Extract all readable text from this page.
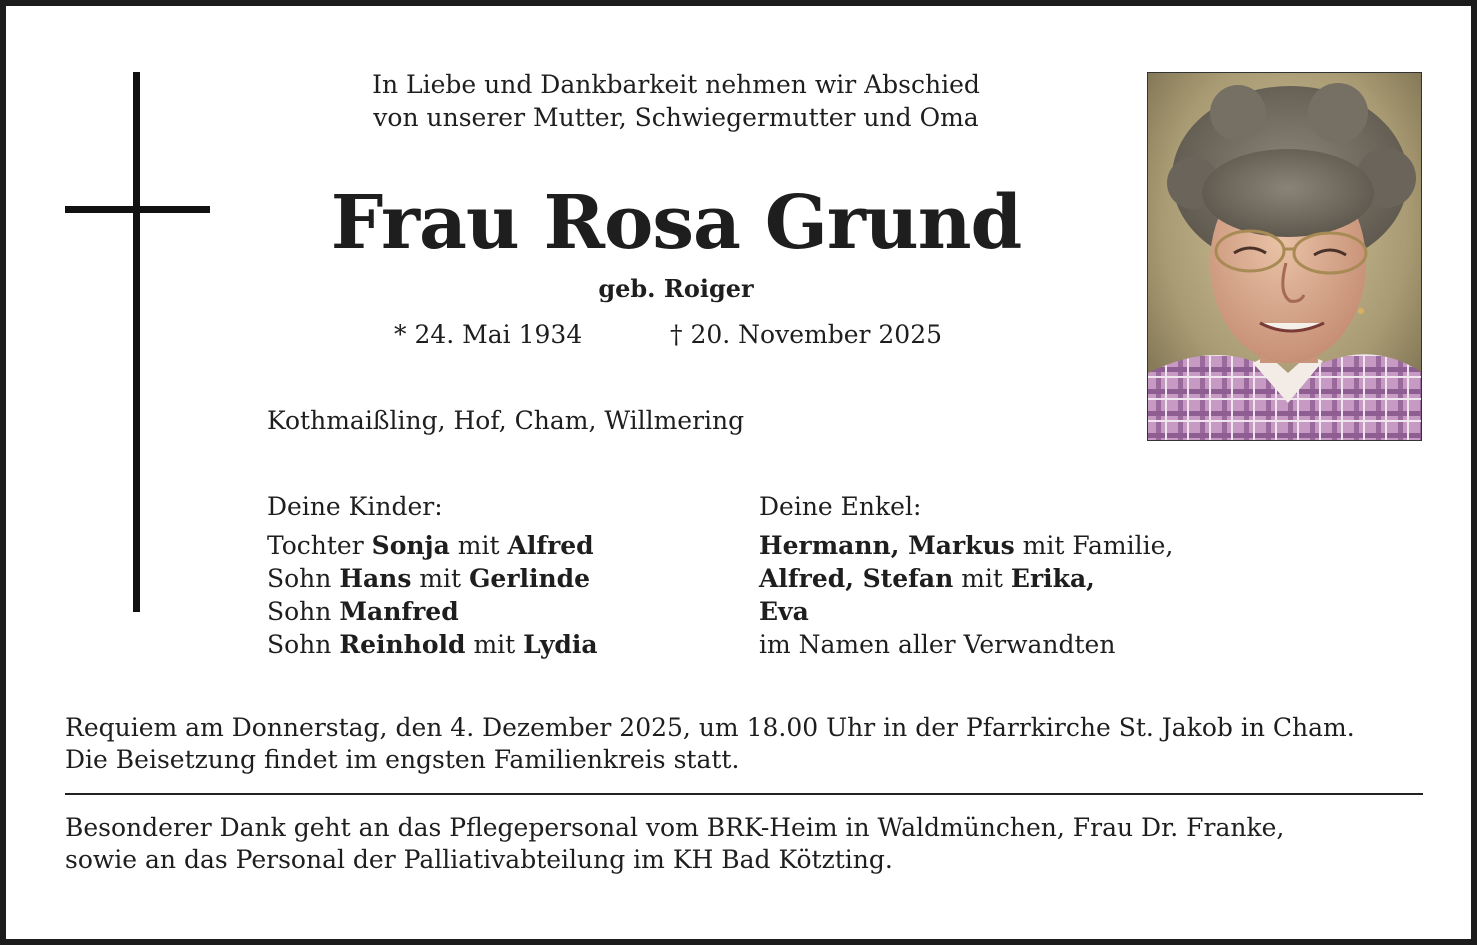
In Liebe und Dankbarkeit nehmen wir Abschied
von unserer Mutter, Schwiegermutter und Oma
Frau Rosa Grund
geb. Roiger
* 24. Mai 1934	† 20. November 2025
Kothmaißling, Hof, Cham, Willmering
Deine Kinder:
Tochter Sonja mit Alfred
Sohn Hans mit Gerlinde
Sohn Manfred
Sohn Reinhold mit Lydia
Deine Enkel:
Hermann, Markus mit Familie,
Alfred, Stefan mit Erika,
Eva
im Namen aller Verwandten
Requiem am Donnerstag, den 4. Dezember 2025, um 18.00 Uhr in der Pfarrkirche St. Jakob in Cham.
Die Beisetzung findet im engsten Familienkreis statt.
Besonderer Dank geht an das Pflegepersonal vom BRK-Heim in Waldmünchen, Frau Dr. Franke,
sowie an das Personal der Palliativabteilung im KH Bad Kötzting.
